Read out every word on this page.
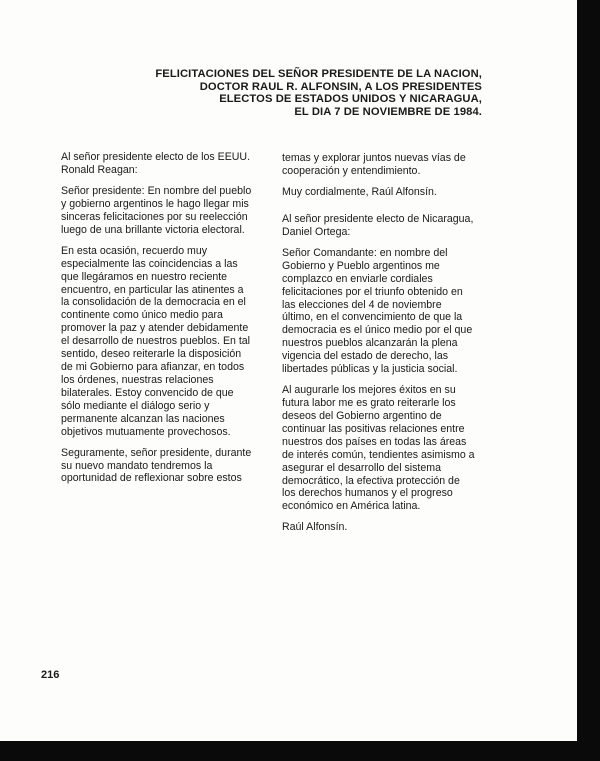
FELICITACIONES DEL SEÑOR PRESIDENTE DE LA NACION,
DOCTOR RAUL R. ALFONSIN, A LOS PRESIDENTES
ELECTOS DE ESTADOS UNIDOS Y NICARAGUA,
EL DIA 7 DE NOVIEMBRE DE 1984.

Al señor presidente electo de los EEUU.
Ronald Reagan:

Señor presidente: En nombre del pueblo
y gobierno argentinos le hago llegar mis
sinceras felicitaciones por su reelección
luego de una brillante victoria electoral.

En esta ocasión, recuerdo muy
especialmente las coincidencias a las
que llegáramos en nuestro reciente
encuentro, en particular las atinentes a
la consolidación de la democracia en el
continente como único medio para
promover la paz y atender debidamente
el desarrollo de nuestros pueblos. En tal
sentido, deseo reiterarle la disposición
de mi Gobierno para afianzar, en todos
los órdenes, nuestras relaciones
bilaterales. Estoy convencido de que
sólo mediante el diálogo serio y
permanente alcanzan las naciones
objetivos mutuamente provechosos.

Seguramente, señor presidente, durante
su nuevo mandato tendremos la
oportunidad de reflexionar sobre estos

temas y explorar juntos nuevas vías de
cooperación y entendimiento.

Muy cordialmente, Raúl Alfonsín.

Al señor presidente electo de Nicaragua,
Daniel Ortega:

Señor Comandante: en nombre del
Gobierno y Pueblo argentinos me
complazco en enviarle cordiales
felicitaciones por el triunfo obtenido en
las elecciones del 4 de noviembre
último, en el convencimiento de que la
democracia es el único medio por el que
nuestros pueblos alcanzarán la plena
vigencia del estado de derecho, las
libertades públicas y la justicia social.

Al augurarle los mejores éxitos en su
futura labor me es grato reiterarle los
deseos del Gobierno argentino de
continuar las positivas relaciones entre
nuestros dos países en todas las áreas
de interés común, tendientes asimismo a
asegurar el desarrollo del sistema
democrático, la efectiva protección de
los derechos humanos y el progreso
económico en América latina.

Raúl Alfonsín.

216
